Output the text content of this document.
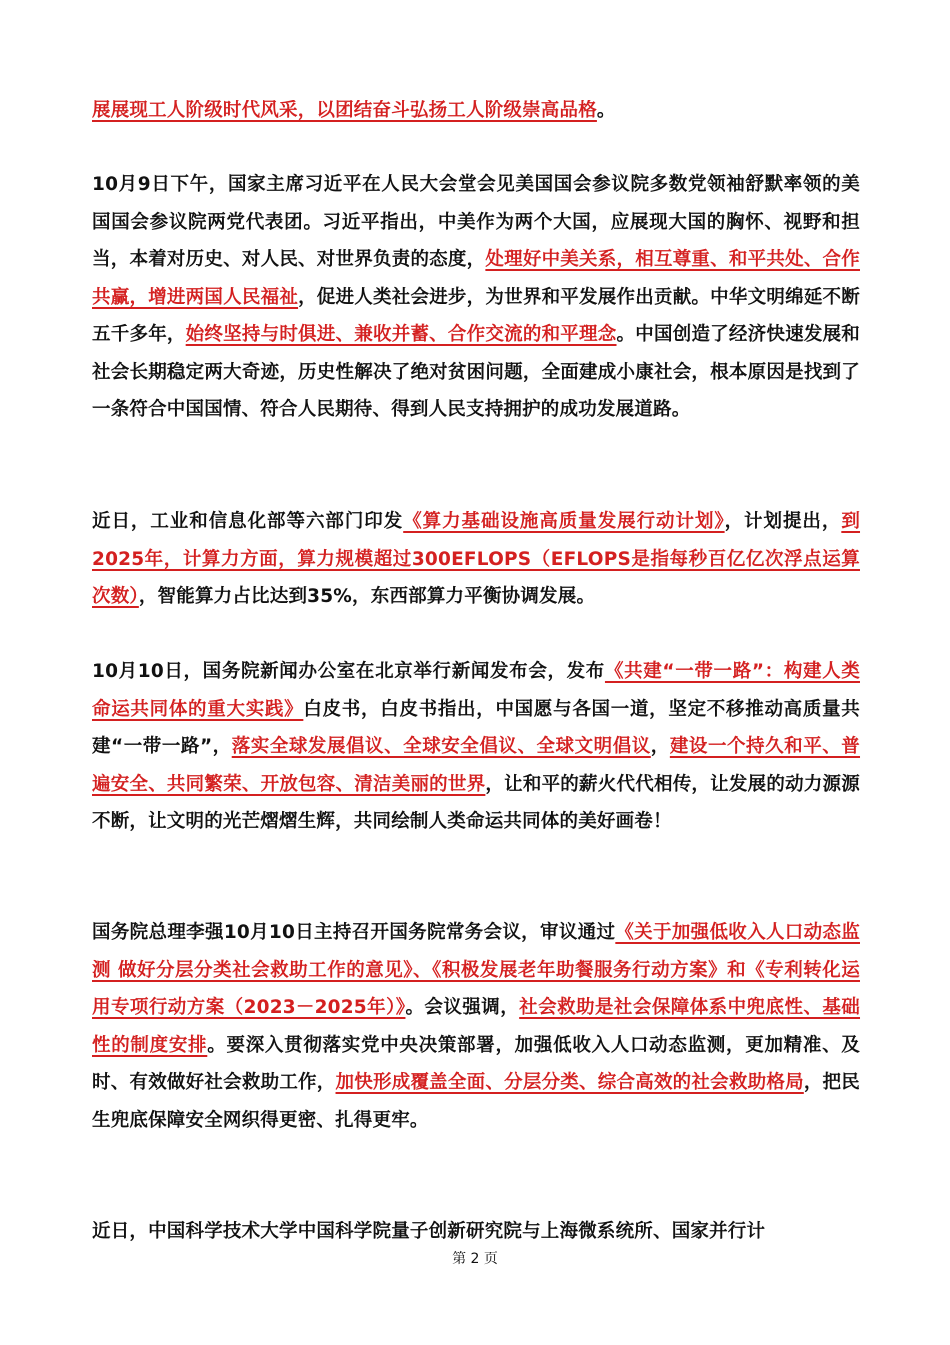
展展现工人阶级时代风采，以团结奋斗弘扬工人阶级崇高品格。

10月9日下午，国家主席习近平在人民大会堂会见美国国会参议院多数党领袖舒默率领的美国国会参议院两党代表团。习近平指出，中美作为两个大国，应展现大国的胸怀、视野和担当，本着对历史、对人民、对世界负责的态度，处理好中美关系，相互尊重、和平共处、合作共赢，增进两国人民福祉，促进人类社会进步，为世界和平发展作出贡献。中华文明绵延不断五千多年，始终坚持与时俱进、兼收并蓄、合作交流的和平理念。中国创造了经济快速发展和社会长期稳定两大奇迹，历史性解决了绝对贫困问题，全面建成小康社会，根本原因是找到了一条符合中国国情、符合人民期待、得到人民支持拥护的成功发展道路。

近日，工业和信息化部等六部门印发《算力基础设施高质量发展行动计划》，计划提出，到2025年，计算力方面，算力规模超过300EFLOPS（EFLOPS是指每秒百亿亿次浮点运算次数），智能算力占比达到35%，东西部算力平衡协调发展。

10月10日，国务院新闻办公室在北京举行新闻发布会，发布《共建“一带一路”：构建人类命运共同体的重大实践》白皮书，白皮书指出，中国愿与各国一道，坚定不移推动高质量共建“一带一路”，落实全球发展倡议、全球安全倡议、全球文明倡议，建设一个持久和平、普遍安全、共同繁荣、开放包容、清洁美丽的世界，让和平的薪火代代相传，让发展的动力源源不断，让文明的光芒熠熠生辉，共同绘制人类命运共同体的美好画卷！

国务院总理李强10月10日主持召开国务院常务会议，审议通过《关于加强低收入人口动态监测 做好分层分类社会救助工作的意见》、《积极发展老年助餐服务行动方案》和《专利转化运用专项行动方案（2023－2025年）》。会议强调，社会救助是社会保障体系中兜底性、基础性的制度安排。要深入贯彻落实党中央决策部署，加强低收入人口动态监测，更加精准、及时、有效做好社会救助工作，加快形成覆盖全面、分层分类、综合高效的社会救助格局，把民生兜底保障安全网织得更密、扎得更牢。

近日，中国科学技术大学中国科学院量子创新研究院与上海微系统所、国家并行计

第 2 页
